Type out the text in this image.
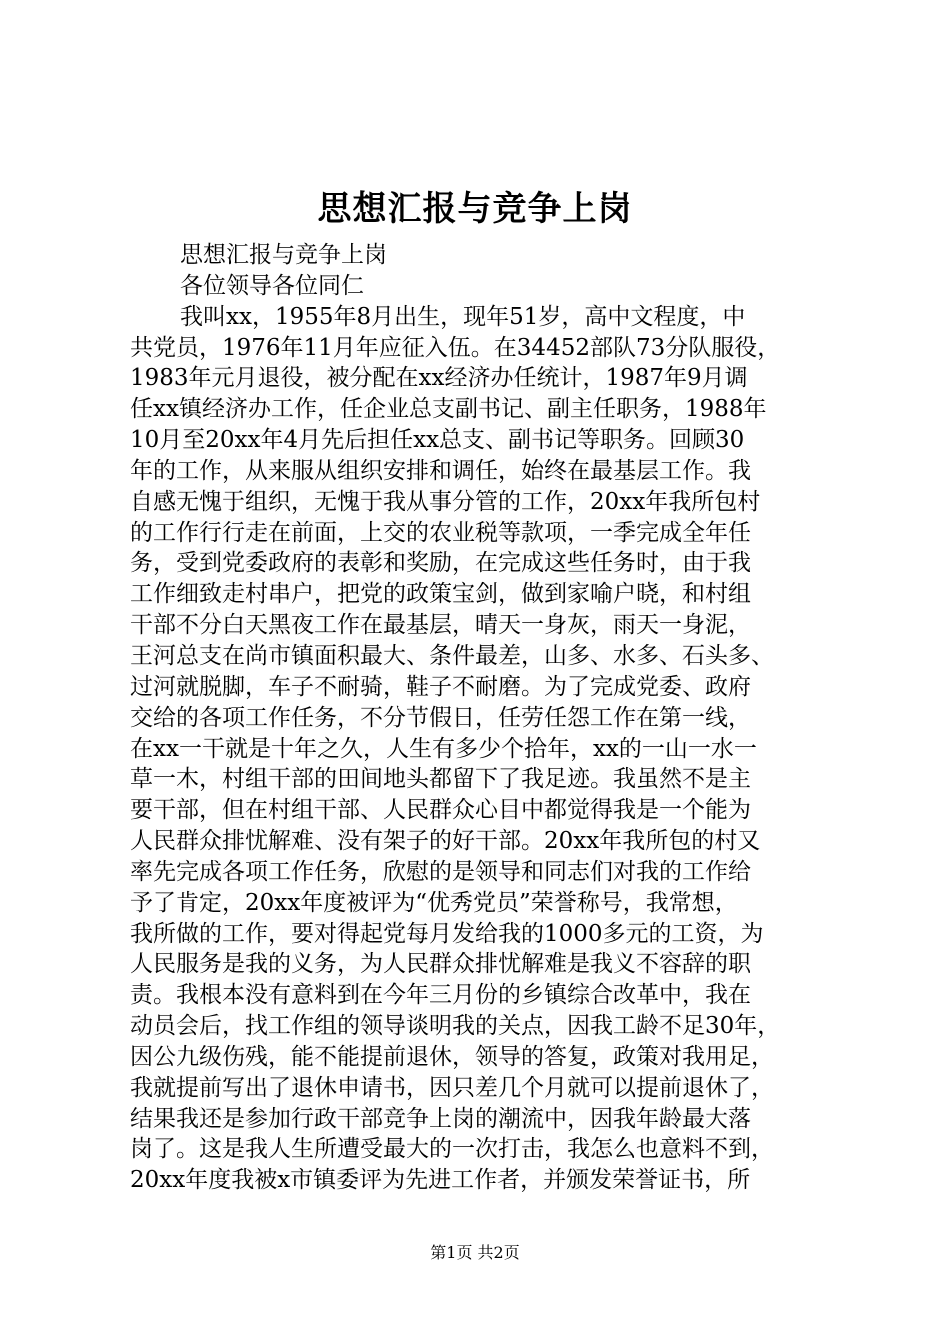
思想汇报与竞争上岗
思想汇报与竞争上岗
各位领导各位同仁
我叫xx，1955年8月出生，现年51岁，高中文程度，中
共党员，1976年11月年应征入伍。在34452部队73分队服役，
1983年元月退役，被分配在xx经济办任统计，1987年9月调
任xx镇经济办工作，任企业总支副书记、副主任职务，1988年
10月至20xx年4月先后担任xx总支、副书记等职务。回顾30
年的工作，从来服从组织安排和调任，始终在最基层工作。我
自感无愧于组织，无愧于我从事分管的工作，20xx年我所包村
的工作行行走在前面，上交的农业税等款项，一季完成全年任
务，受到党委政府的表彰和奖励，在完成这些任务时，由于我
工作细致走村串户，把党的政策宝剑，做到家喻户晓，和村组
干部不分白天黑夜工作在最基层，晴天一身灰，雨天一身泥，
王河总支在尚市镇面积最大、条件最差，山多、水多、石头多、
过河就脱脚，车子不耐骑，鞋子不耐磨。为了完成党委、政府
交给的各项工作任务，不分节假日，任劳任怨工作在第一线，
在xx一干就是十年之久，人生有多少个拾年，xx的一山一水一
草一木，村组干部的田间地头都留下了我足迹。我虽然不是主
要干部，但在村组干部、人民群众心目中都觉得我是一个能为
人民群众排忧解难、没有架子的好干部。20xx年我所包的村又
率先完成各项工作任务，欣慰的是领导和同志们对我的工作给
予了肯定，20xx年度被评为“优秀党员”荣誉称号，我常想，
我所做的工作，要对得起党每月发给我的1000多元的工资，为
人民服务是我的义务，为人民群众排忧解难是我义不容辞的职
责。我根本没有意料到在今年三月份的乡镇综合改革中，我在
动员会后，找工作组的领导谈明我的关点，因我工龄不足30年，
因公九级伤残，能不能提前退休，领导的答复，政策对我用足，
我就提前写出了退休申请书，因只差几个月就可以提前退休了，
结果我还是参加行政干部竞争上岗的潮流中，因我年龄最大落
岗了。这是我人生所遭受最大的一次打击，我怎么也意料不到，
20xx年度我被x市镇委评为先进工作者，并颁发荣誉证书，所
第1页 共2页
